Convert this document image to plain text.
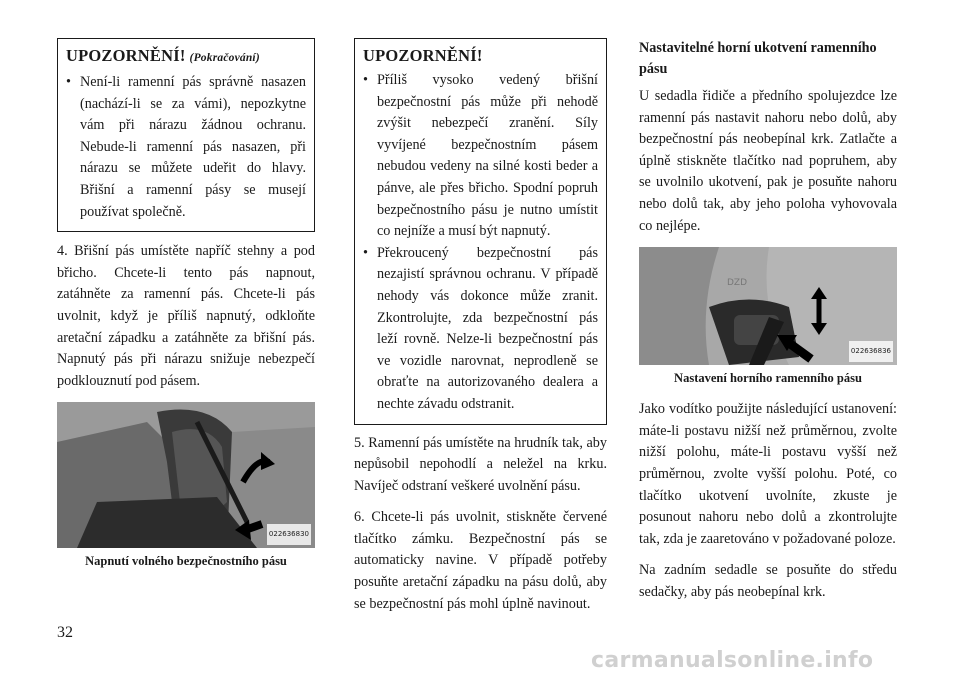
UPOZORNĚNÍ! (Pokračování)
• Není-li ramenní pás správně nasazen (nachází-li se za vámi), nepozkytne vám při nárazu žádnou ochranu. Nebude-li ramenní pás nasazen, při nárazu se můžete udeřit do hlavy. Břišní a ramenní pásy se musejí používat společně.

4. Břišní pás umístěte napříč stehny a pod břicho. Chcete-li tento pás napnout, zatáhněte za ramenní pás. Chcete-li pás uvolnit, když je příliš napnutý, odkloňte aretační západku a zatáhněte za břišní pás. Napnutý pás při nárazu snižuje nebezpečí podklouznutí pod pásem.

022636830
Napnutí volného bezpečnostního pásu
UPOZORNĚNÍ!
• Příliš vysoko vedený břišní bezpečnostní pás může při nehodě zvýšit nebezpečí zranění. Síly vyvíjené bezpečnostním pásem nebudou vedeny na silné kosti beder a pánve, ale přes břicho. Spodní popruh bezpečnostního pásu je nutno umístit co nejníže a musí být napnutý.
• Překroucený bezpečnostní pás nezajistí správnou ochranu. V případě nehody vás dokonce může zranit. Zkontrolujte, zda bezpečnostní pás leží rovně. Nelze-li bezpečnostní pás ve vozidle narovnat, neprodleně se obraťte na autorizovaného dealera a nechte závadu odstranit.

5. Ramenní pás umístěte na hrudník tak, aby nepůsobil nepohodlí a neležel na krku. Navíječ odstraní veškeré uvolnění pásu.

6. Chcete-li pás uvolnit, stiskněte červené tlačítko zámku. Bezpečnostní pás se automaticky navine. V případě potřeby posuňte aretační západku na pásu dolů, aby se bezpečnostní pás mohl úplně navinout.

Nastavitelné horní ukotvení ramenního pásu

U sedadla řidiče a předního spolujezdce lze ramenní pás nastavit nahoru nebo dolů, aby bezpečnostní pás neobepínal krk. Zatlačte a úplně stiskněte tlačítko nad popruhem, aby se uvolnilo ukotvení, pak je posuňte nahoru nebo dolů tak, aby jeho poloha vyhovovala co nejlépe.

DZD
022636836
Nastavení horního ramenního pásu

Jako vodítko použijte následující ustanovení: máte-li postavu nižší než průměrnou, zvolte nižší polohu, máte-li postavu vyšší než průměrnou, zvolte vyšší polohu. Poté, co tlačítko ukotvení uvolníte, zkuste je posunout nahoru nebo dolů a zkontrolujte tak, zda je zaaretováno v požadované poloze.

Na zadním sedadle se posuňte do středu sedačky, aby pás neobepínal krk.

32
carmanualsonline.info
